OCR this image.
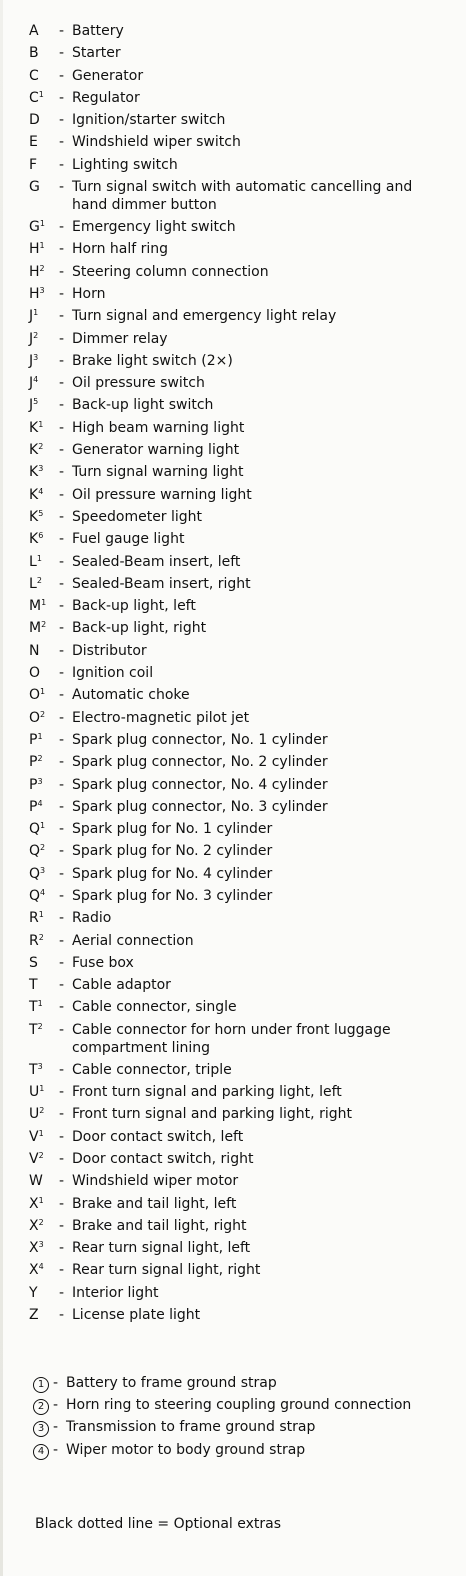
A	- Battery
B	- Starter
C	- Generator
$C^1$	- Regulator
D	- Ignition/starter switch
E	- Windshield wiper switch
F	- Lighting switch
G	- Turn signal switch with automatic cancelling and hand dimmer button
$G^1$	- Emergency light switch
$H^1$	- Horn half ring
$H^2$	- Steering column connection
$H^3$	- Horn
$J^1$	- Turn signal and emergency light relay
$J^2$	- Dimmer relay
$J^3$	- Brake light switch (2×)
$J^4$	- Oil pressure switch
$J^5$	- Back-up light switch
$K^1$	- High beam warning light
$K^2$	- Generator warning light
$K^3$	- Turn signal warning light
$K^4$	- Oil pressure warning light
$K^5$	- Speedometer light
$K^6$	- Fuel gauge light
$L^1$	- Sealed-Beam insert, left
$L^2$	- Sealed-Beam insert, right
$M^1$ - Back-up light, left
$M^2$ - Back-up light, right
N	- Distributor
O	- Ignition coil
$O^1$ - Automatic choke
$O^2$ - Electro-magnetic pilot jet
$P^1$	- Spark plug connector, No. 1 cylinder
$P^2$	- Spark plug connector, No. 2 cylinder
$P^3$	- Spark plug connector, No. 4 cylinder
$P^4$	- Spark plug connector, No. 3 cylinder
$Q^1$ - Spark plug for No. 1 cylinder
$Q^2$ - Spark plug for No. 2 cylinder
$Q^3$ - Spark plug for No. 4 cylinder
$Q^4$ - Spark plug for No. 3 cylinder
$R^1$	- Radio
$R^2$	- Aerial connection
S	- Fuse box
T	- Cable adaptor
$T^1$	- Cable connector, single
$T^2$	- Cable connector for horn under front luggage compartment lining
$T^3$	- Cable connector, triple
$U^1$	- Front turn signal and parking light, left
$U^2$	- Front turn signal and parking light, right
$V^1$	- Door contact switch, left
$V^2$	- Door contact switch, right
W	- Windshield wiper motor
$X^1$	- Brake and tail light, left
$X^2$	- Brake and tail light, right
$X^3$	- Rear turn signal light, left
$X^4$	- Rear turn signal light, right
Y	- Interior light
Z	- License plate light
1 - Battery to frame ground strap
2 - Horn ring to steering coupling ground connection
3 - Transmission to frame ground strap
4 - Wiper motor to body ground strap
Black dotted line = Optional extras
